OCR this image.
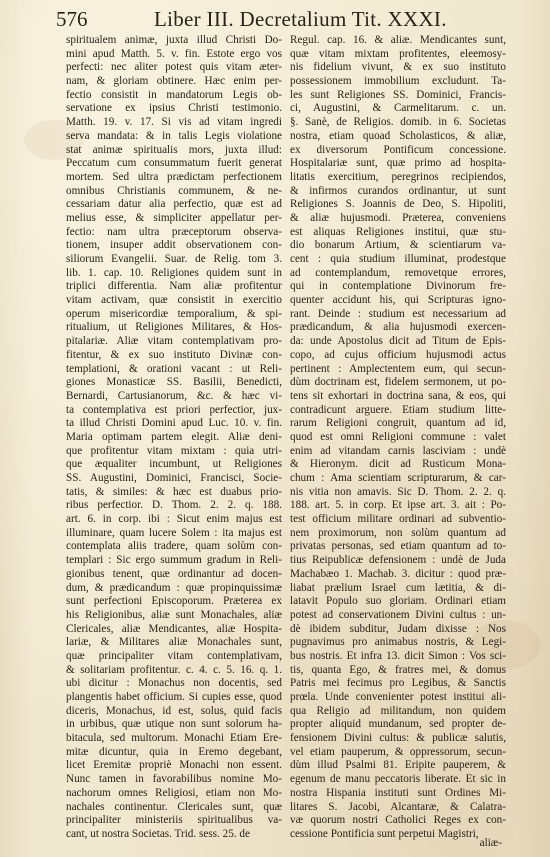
576	Liber III. Decretalium Tit. XXXI.
spiritualem animæ, juxta illud Christi Do-
mini apud Matth. 5. v. fin. Estote ergo vos
perfecti: nec aliter potest quis vitam æter-
nam, & gloriam obtinere. Hæc enim per-
fectio consistit in mandatorum Legis ob-
servatione ex ipsius Christi testimonio.
Matth. 19. v. 17. Si vis ad vitam ingredi
serva mandata: & in talis Legis violatione
stat animæ spiritualis mors, juxta illud:
Peccatum cum consummatum fuerit generat
mortem. Sed ultra prædictam perfectionem
omnibus Christianis communem, & ne-
cessariam datur alia perfectio, quæ est ad
melius esse, & simpliciter appellatur per-
fectio: nam ultra præceptorum observa-
tionem, insuper addit observationem con-
siliorum Evangelii. Suar. de Relig. tom 3.
lib. 1. cap. 10. Religiones quidem sunt in
triplici differentia. Nam aliæ profitentur
vitam activam, quæ consistit in exercitio
operum misericordiæ temporalium, & spi-
ritualium, ut Religiones Militares, & Hos-
pitalariæ. Aliæ vitam contemplativam pro-
fitentur, & ex suo instituto Divinæ con-
templationi, & orationi vacant : ut Reli-
giones Monasticæ SS. Basilii, Benedicti,
Bernardi, Cartusianorum, &c. & hæc vi-
ta contemplativa est priori perfectior, jux-
ta illud Christi Domini apud Luc. 10. v. fin.
Maria optimam partem elegit. Aliæ deni-
que profitentur vitam mixtam : quia utri-
que æqualiter incumbunt, ut Religiones
SS. Augustini, Dominici, Francisci, Socie-
tatis, & similes: & hæc est duabus prio-
ribus perfectior. D. Thom. 2. 2. q. 188.
art. 6. in corp. ibi : Sicut enim majus est
illuminare, quam lucere Solem : ita majus est
contemplata aliis tradere, quam solùm con-
templari : Sic ergo summum gradum in Reli-
gionibus tenent, quæ ordinantur ad docen-
dum, & prædicandum : quæ propinquissimæ
sunt perfectioni Episcoporum. Præterea ex
his Religionibus, aliæ sunt Monachales, aliæ
Clericales, aliæ Mendicantes, aliæ Hospita-
lariæ, & Militares aliæ Monachales sunt,
quæ principaliter vitam contemplativam,
& solitariam profitentur. c. 4. c. 5. 16. q. 1.
ubi dicitur : Monachus non docentis, sed
plangentis habet officium. Si cupies esse, quod
diceris, Monachus, id est, solus, quid facis
in urbibus, quæ utique non sunt solorum ha-
bitacula, sed multorum. Monachi Etiam Ere-
mitæ dicuntur, quia in Eremo degebant,
licet Eremitæ propriè Monachi non essent.
Nunc tamen in favorabilibus nomine Mo-
nachorum omnes Religiosi, etiam non Mo-
nachales continentur. Clericales sunt, quæ
principaliter ministeriis spiritualibus va-
cant, ut nostra Societas. Trid. sess. 25. de
Regul. cap. 16. & aliæ. Mendicantes sunt,
quæ vitam mixtam profitentes, eleemosy-
nis fidelium vivunt, & ex suo instituto
possessionem immobilium excludunt. Ta-
les sunt Religiones SS. Dominici, Francis-
ci, Augustini, & Carmelitarum. c. un.
§. Sanè, de Religios. domib. in 6. Societas
nostra, etiam quoad Scholasticos, & aliæ,
ex diversorum Pontificum concessione.
Hospitalariæ sunt, quæ primo ad hospita-
litatis exercitium, peregrinos recipiendos,
& infirmos curandos ordinantur, ut sunt
Religiones S. Joannis de Deo, S. Hipoliti,
& aliæ hujusmodi. Præterea, conveniens
est aliquas Religiones institui, quæ stu-
dio bonarum Artium, & scientiarum va-
cent : quia studium illuminat, prodestque
ad contemplandum, removetque errores,
qui in contemplatione Divinorum fre-
quenter accidunt his, qui Scripturas igno-
rant. Deinde : studium est necessarium ad
prædicandum, & alia hujusmodi exercen-
da: unde Apostolus dicit ad Titum de Epis-
copo, ad cujus officium hujusmodi actus
pertinent : Amplectentem eum, qui secun-
dùm doctrinam est, fidelem sermonem, ut po-
tens sit exhortari in doctrina sana, & eos, qui
contradicunt arguere. Etiam studium litte-
rarum Religioni congruit, quantum ad id,
quod est omni Religioni commune : valet
enim ad vitandam carnis lasciviam : undè
& Hieronym. dicit ad Rusticum Mona-
chum : Ama scientiam scripturarum, & car-
nis vitia non amavis. Sic D. Thom. 2. 2. q.
188. art. 5. in corp. Et ipse art. 3. ait : Po-
test officium militare ordinari ad subventio-
nem proximorum, non solùm quantum ad
privatas personas, sed etiam quantum ad to-
tius Reipublicæ defensionem : undè de Juda
Machabæo 1. Machab. 3. dicitur : quod præ-
liabat prælium Israel cum lætitia, & di-
latavit Populo suo gloriam. Ordinari etiam
potest ad conservationem Divini cultus : un-
dè ibidem subditur, Judam dixisse : Nos
pugnavimus pro animabus nostris, & Legi-
bus nostris. Et infra 13. dicit Simon : Vos sci-
tis, quanta Ego, & fratres mei, & domus
Patris mei fecimus pro Legibus, & Sanctis
prœla. Unde convenienter potest institui ali-
qua Religio ad militandum, non quidem
propter aliquid mundanum, sed propter de-
fensionem Divini cultus: & publicæ salutis,
vel etiam pauperum, & oppressorum, secun-
dùm illud Psalmi 81. Eripite pauperem, &
egenum de manu peccatoris liberate. Et sic in
nostra Hispania instituti sunt Ordines Mi-
litares S. Jacobi, Alcantaræ, & Calatra-
væ quorum nostri Catholici Reges ex con-
cessione Pontificia sunt perpetui Magistri,
aliæ-
